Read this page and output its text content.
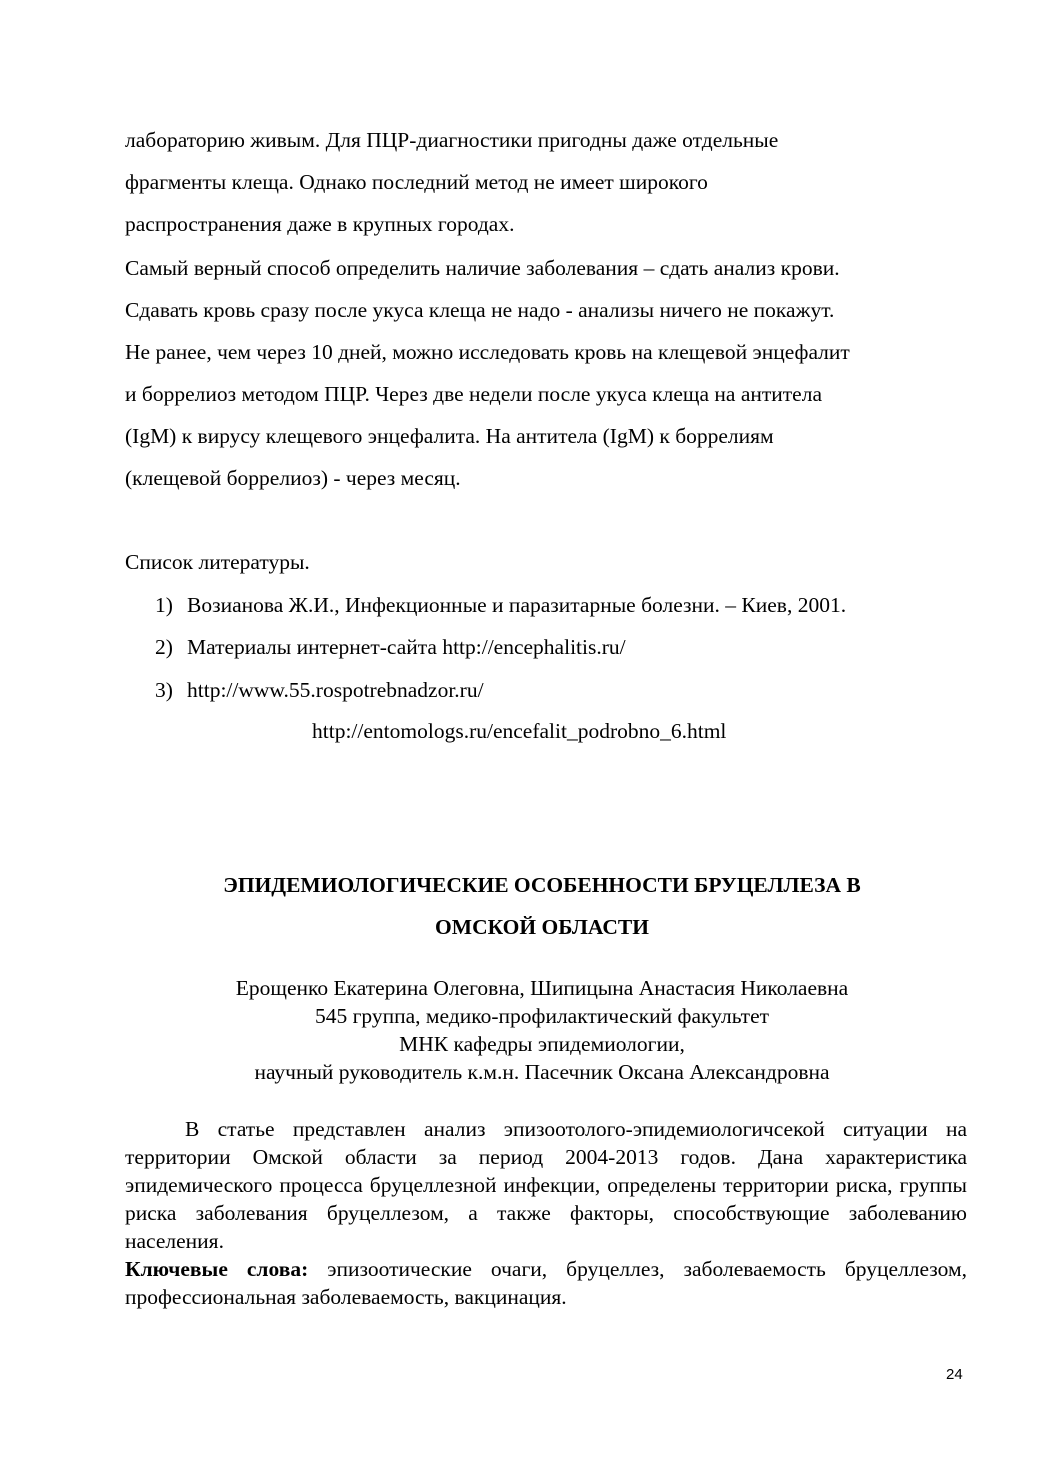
лабораторию живым. Для ПЦР-диагностики пригодны даже отдельные
фрагменты клеща. Однако последний метод не имеет широкого
распространения даже в крупных городах.
Самый верный способ определить наличие заболевания – сдать анализ крови.
Сдавать кровь сразу после укуса клеща не надо - анализы ничего не покажут.
Не ранее, чем через 10 дней, можно исследовать кровь на клещевой энцефалит
и боррелиоз методом ПЦР. Через две недели после укуса клеща на антитела
(IgM) к вирусу клещевого энцефалита. На антитела (IgM) к боррелиям
(клещевой боррелиоз) - через месяц.
Список литературы.
1) Возианова Ж.И., Инфекционные и паразитарные болезни. – Киев, 2001.
2) Материалы интернет-сайта http://encephalitis.ru/
3) http://www.55.rospotrebnadzor.ru/
http://entomologs.ru/encefalit_podrobno_6.html
ЭПИДЕМИОЛОГИЧЕСКИЕ ОСОБЕННОСТИ БРУЦЕЛЛЕЗА В
ОМСКОЙ ОБЛАСТИ
Ерощенко Екатерина Олеговна, Шипицына Анастасия Николаевна
545 группа, медико-профилактический факультет
МНК кафедры эпидемиологии,
научный руководитель к.м.н. Пасечник Оксана Александровна

В статье представлен анализ эпизоотолого-эпидемиологичсекой ситуации на территории Омской области за период 2004-2013 годов. Дана характеристика эпидемического процесса бруцеллезной инфекции, определены территории риска, группы риска заболевания бруцеллезом, а также факторы, способствующие заболеванию населения.

Ключевые слова: эпизоотические очаги, бруцеллез, заболеваемость бруцеллезом, профессиональная заболеваемость, вакцинация.

24
